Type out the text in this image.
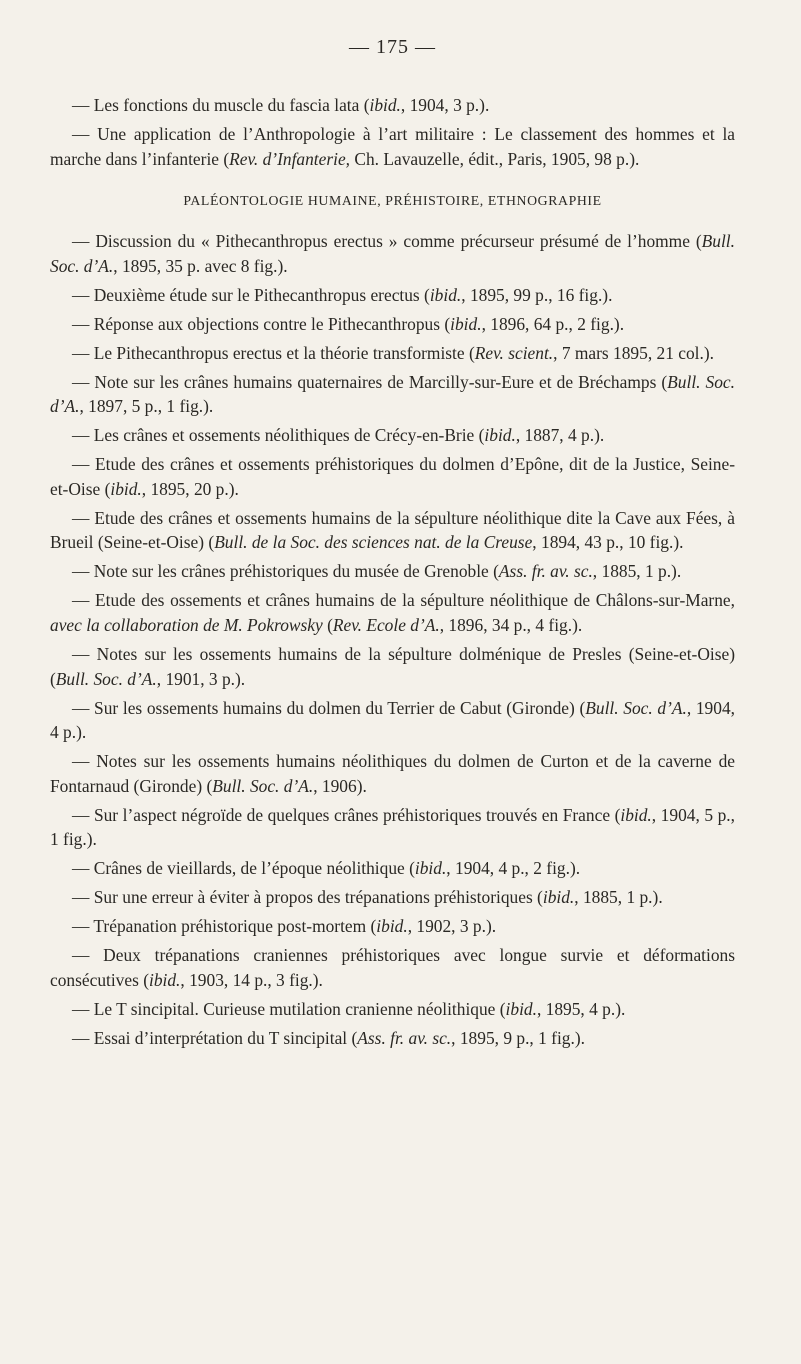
— 175 —

— Les fonctions du muscle du fascia lata (ibid., 1904, 3 p.).

— Une application de l’Anthropologie à l’art militaire : Le classement des hommes et la marche dans l’infanterie (Rev. d’Infanterie, Ch. Lavauzelle, édit., Paris, 1905, 98 p.).

PALÉONTOLOGIE HUMAINE, PRÉHISTOIRE, ETHNOGRAPHIE

— Discussion du « Pithecanthropus erectus » comme précurseur présumé de l’homme (Bull. Soc. d’A., 1895, 35 p. avec 8 fig.).

— Deuxième étude sur le Pithecanthropus erectus (ibid., 1895, 99 p., 16 fig.).

— Réponse aux objections contre le Pithecanthropus (ibid., 1896, 64 p., 2 fig.).

— Le Pithecanthropus erectus et la théorie transformiste (Rev. scient., 7 mars 1895, 21 col.).

— Note sur les crânes humains quaternaires de Marcilly-sur-Eure et de Bréchamps (Bull. Soc. d’A., 1897, 5 p., 1 fig.).

— Les crânes et ossements néolithiques de Crécy-en-Brie (ibid., 1887, 4 p.).

— Etude des crânes et ossements préhistoriques du dolmen d’Epône, dit de la Justice, Seine-et-Oise (ibid., 1895, 20 p.).

— Etude des crânes et ossements humains de la sépulture néolithique dite la Cave aux Fées, à Brueil (Seine-et-Oise) (Bull. de la Soc. des sciences nat. de la Creuse, 1894, 43 p., 10 fig.).

— Note sur les crânes préhistoriques du musée de Grenoble (Ass. fr. av. sc., 1885, 1 p.).

— Etude des ossements et crânes humains de la sépulture néolithique de Châlons-sur-Marne, avec la collaboration de M. Pokrowsky (Rev. Ecole d’A., 1896, 34 p., 4 fig.).

— Notes sur les ossements humains de la sépulture dolménique de Presles (Seine-et-Oise) (Bull. Soc. d’A., 1901, 3 p.).

— Sur les ossements humains du dolmen du Terrier de Cabut (Gironde) (Bull. Soc. d’A., 1904, 4 p.).

— Notes sur les ossements humains néolithiques du dolmen de Curton et de la caverne de Fontarnaud (Gironde) (Bull. Soc. d’A., 1906).

— Sur l’aspect négroïde de quelques crânes préhistoriques trouvés en France (ibid., 1904, 5 p., 1 fig.).

— Crânes de vieillards, de l’époque néolithique (ibid., 1904, 4 p., 2 fig.).

— Sur une erreur à éviter à propos des trépanations préhistoriques (ibid., 1885, 1 p.).

— Trépanation préhistorique post-mortem (ibid., 1902, 3 p.).

— Deux trépanations craniennes préhistoriques avec longue survie et déformations consécutives (ibid., 1903, 14 p., 3 fig.).

— Le T sincipital. Curieuse mutilation cranienne néolithique (ibid., 1895, 4 p.).

— Essai d’interprétation du T sincipital (Ass. fr. av. sc., 1895, 9 p., 1 fig.).
